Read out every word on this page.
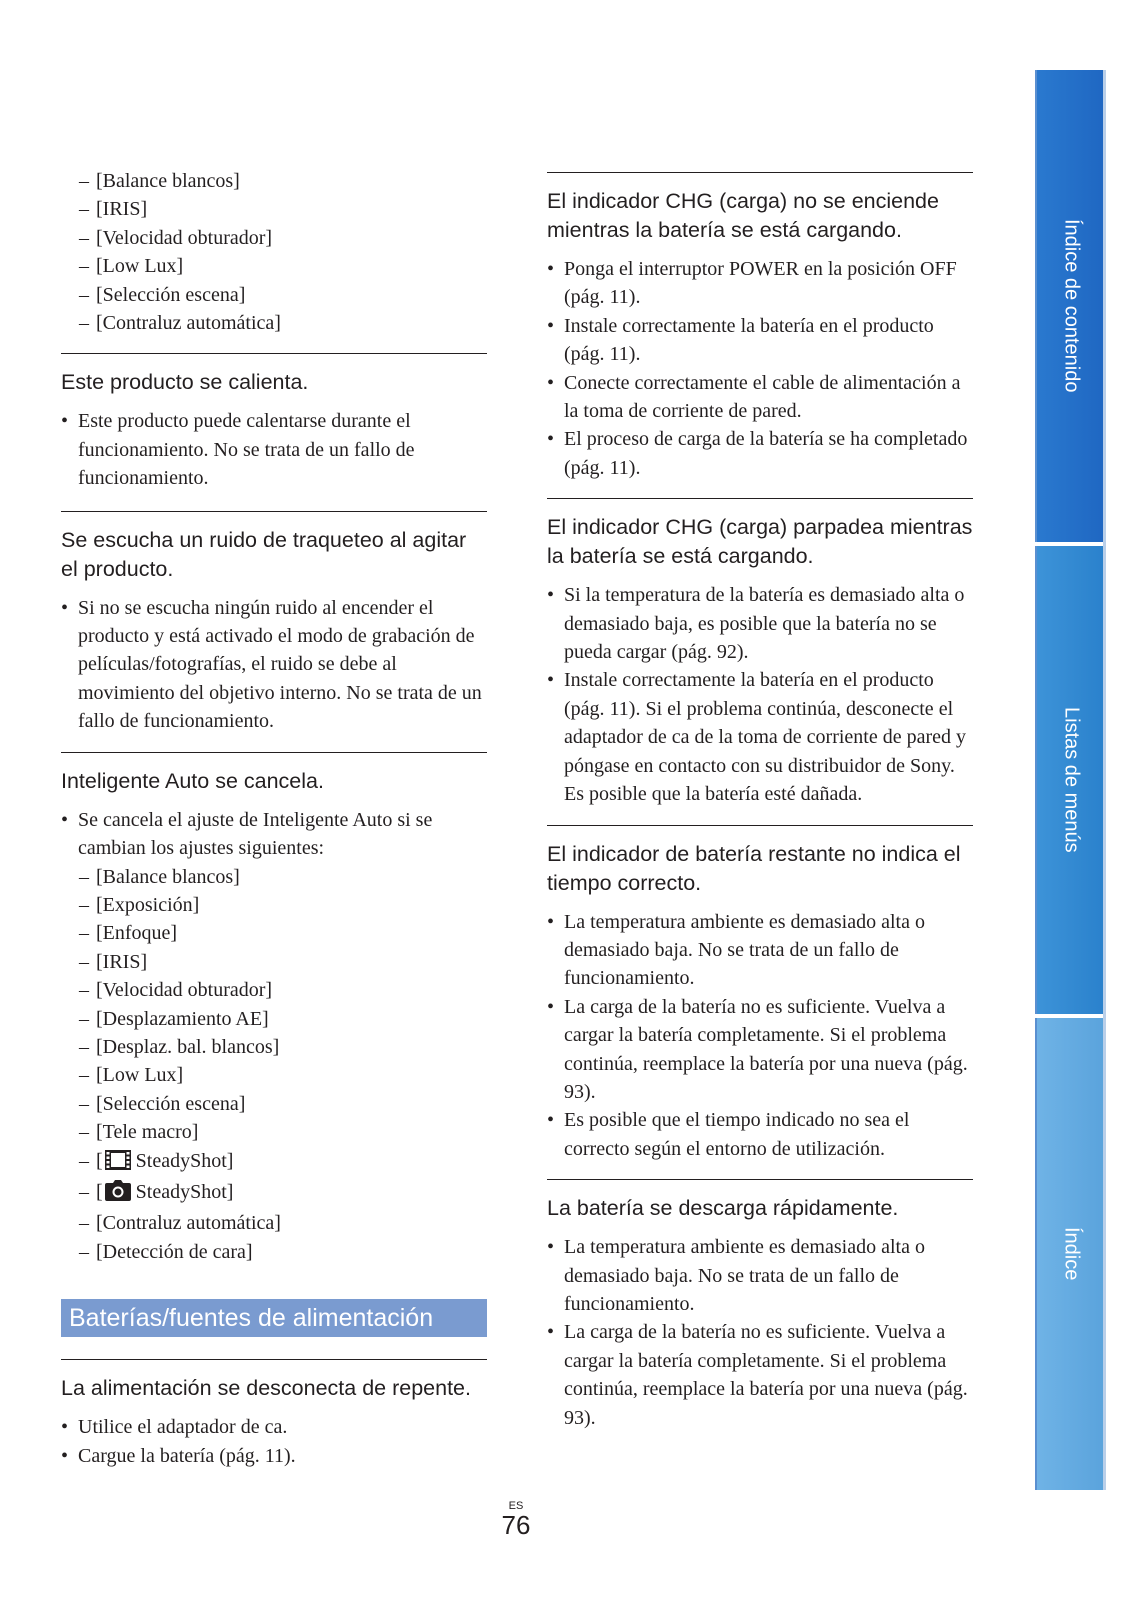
– [Balance blancos]
– [IRIS]
– [Velocidad obturador]
– [Low Lux]
– [Selección escena]
– [Contraluz automática]
Este producto se calienta.
• Este producto puede calentarse durante el funcionamiento. No se trata de un fallo de funcionamiento.
Se escucha un ruido de traqueteo al agitar el producto.
• Si no se escucha ningún ruido al encender el producto y está activado el modo de grabación de películas/fotografías, el ruido se debe al movimiento del objetivo interno. No se trata de un fallo de funcionamiento.
Inteligente Auto se cancela.
• Se cancela el ajuste de Inteligente Auto si se cambian los ajustes siguientes:
– [Balance blancos]
– [Exposición]
– [Enfoque]
– [IRIS]
– [Velocidad obturador]
– [Desplazamiento AE]
– [Desplaz. bal. blancos]
– [Low Lux]
– [Selección escena]
– [Tele macro]
– [ SteadyShot]
– [ SteadyShot]
– [Contraluz automática]
– [Detección de cara]
Baterías/fuentes de alimentación
La alimentación se desconecta de repente.
• Utilice el adaptador de ca.
• Cargue la batería (pág. 11).
El indicador CHG (carga) no se enciende mientras la batería se está cargando.
• Ponga el interruptor POWER en la posición OFF (pág. 11).
• Instale correctamente la batería en el producto (pág. 11).
• Conecte correctamente el cable de alimentación a la toma de corriente de pared.
• El proceso de carga de la batería se ha completado (pág. 11).
El indicador CHG (carga) parpadea mientras la batería se está cargando.
• Si la temperatura de la batería es demasiado alta o demasiado baja, es posible que la batería no se pueda cargar (pág. 92).
• Instale correctamente la batería en el producto (pág. 11). Si el problema continúa, desconecte el adaptador de ca de la toma de corriente de pared y póngase en contacto con su distribuidor de Sony. Es posible que la batería esté dañada.
El indicador de batería restante no indica el tiempo correcto.
• La temperatura ambiente es demasiado alta o demasiado baja. No se trata de un fallo de funcionamiento.
• La carga de la batería no es suficiente. Vuelva a cargar la batería completamente. Si el problema continúa, reemplace la batería por una nueva (pág. 93).
• Es posible que el tiempo indicado no sea el correcto según el entorno de utilización.
La batería se descarga rápidamente.
• La temperatura ambiente es demasiado alta o demasiado baja. No se trata de un fallo de funcionamiento.
• La carga de la batería no es suficiente. Vuelva a cargar la batería completamente. Si el problema continúa, reemplace la batería por una nueva (pág. 93).
Índice de contenido
Listas de menús
Índice
ES
76
